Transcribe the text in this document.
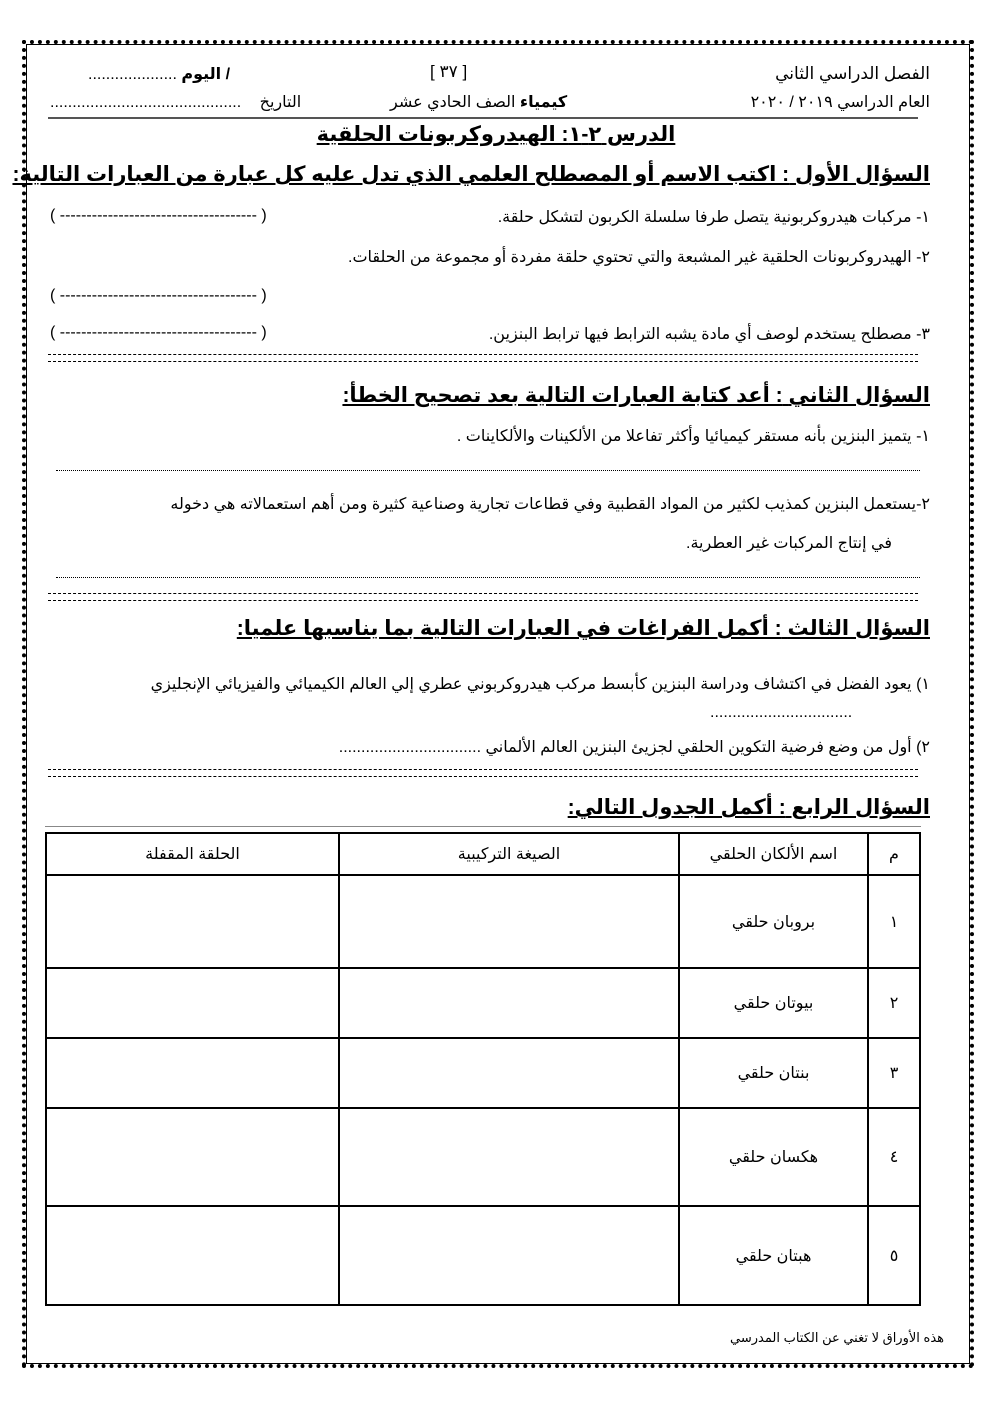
الفصل الدراسي الثاني
[ ٣٧ ]
.................... اليوم /
العام الدراسي ٢٠١٩ / ٢٠٢٠
كيمياء الصف الحادي عشر
........................................... التاريخ
الدرس ٢-١: الهيدروكربونات الحلقية
السؤال الأول : اكتب الاسم أو المصطلح العلمي الذي تدل عليه كل عبارة من العبارات التالية:
١- مركبات هيدروكربونية يتصل طرفا سلسلة الكربون لتشكل حلقة.
( ------------------------------------- )
٢- الهيدروكربونات الحلقية غير المشبعة والتي تحتوي حلقة مفردة أو مجموعة من الحلقات.
( ------------------------------------- )
٣- مصطلح يستخدم لوصف أي مادة يشبه الترابط فيها ترابط البنزين.
( ------------------------------------- )
السؤال الثاني : أعد كتابة العبارات التالية بعد تصحيح الخطأ:
١- يتميز البنزين بأنه مستقر كيميائيا وأكثر تفاعلا من الألكينات والألكاينات .
٢-يستعمل البنزين كمذيب لكثير من المواد القطبية وفي قطاعات تجارية وصناعية كثيرة ومن أهم استعمالاته هي دخوله
في إنتاج المركبات غير العطرية.
السؤال الثالث : أكمل الفراغات في العبارات التالية بما يناسبها علميا:
١) يعود الفضل في اكتشاف ودراسة البنزين كأبسط مركب هيدروكربوني عطري إلي العالم الكيميائي والفيزيائي الإنجليزي
................................
٢) أول من وضع فرضية التكوين الحلقي لجزيئ البنزين العالم الألماني ................................
السؤال الرابع : أكمل الجدول التالي:
م	اسم الألكان الحلقي	الصيغة التركيبية	الحلقة المقفلة
١	بروبان حلقي		
٢	بيوتان حلقي		
٣	بنتان حلقي		
٤	هكسان حلقي		
٥	هبتان حلقي		
هذه الأوراق لا تغني عن الكتاب المدرسي
